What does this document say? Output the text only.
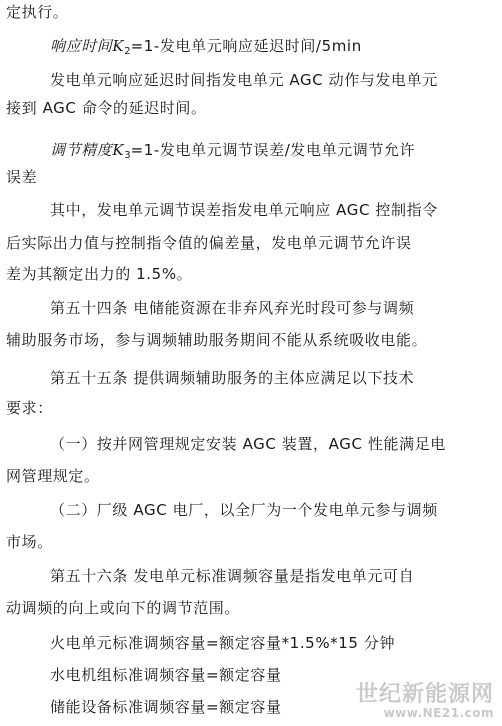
定执行。
响应时间$K_2=1-$发电单元响应延迟时间/5min
发电单元响应延迟时间指发电单元 AGC 动作与发电单元
接到 AGC 命令的延迟时间。
调节精度$K_3=1-$发电单元调节误差/发电单元调节允许
误差
其中，发电单元调节误差指发电单元响应 AGC 控制指令
后实际出力值与控制指令值的偏差量，发电单元调节允许误
差为其额定出力的 1.5%。
第五十四条 电储能资源在非弃风弃光时段可参与调频
辅助服务市场，参与调频辅助服务期间不能从系统吸收电能。
第五十五条 提供调频辅助服务的主体应满足以下技术
要求：
（一）按并网管理规定安装 AGC 装置，AGC 性能满足电
网管理规定。
（二）厂级 AGC 电厂，以全厂为一个发电单元参与调频
市场。
第五十六条 发电单元标准调频容量是指发电单元可自
动调频的向上或向下的调节范围。
火电单元标准调频容量=额定容量*1.5%*15 分钟
水电机组标准调频容量=额定容量
储能设备标准调频容量=额定容量	世纪新能源网
www.NE21.com
